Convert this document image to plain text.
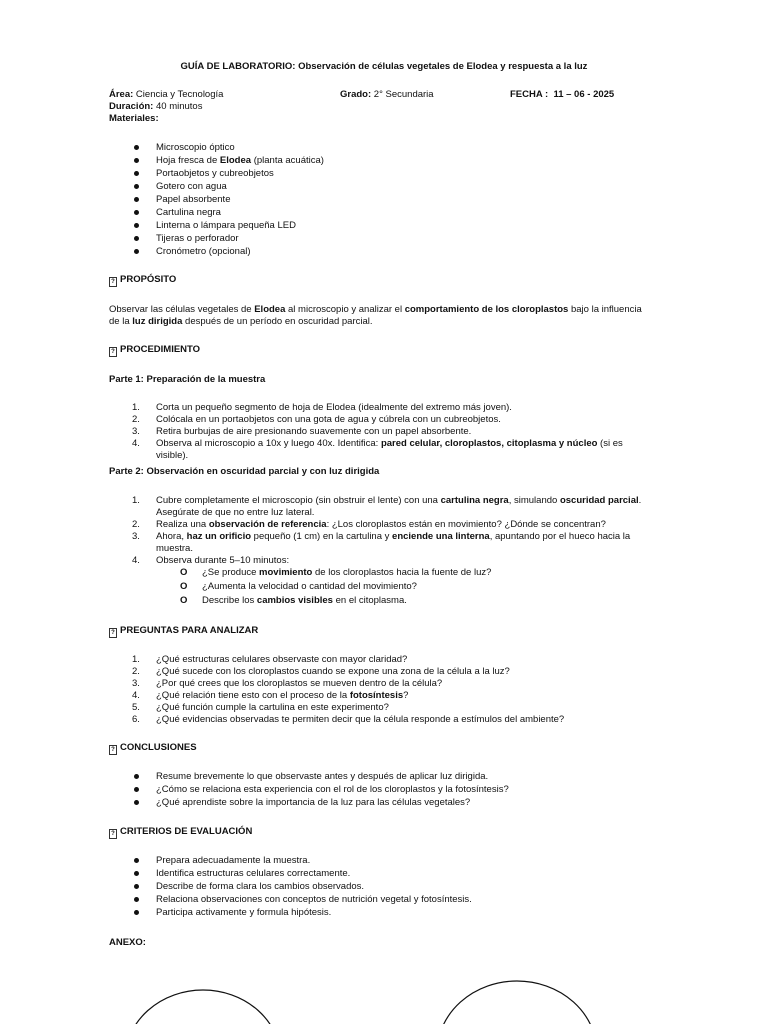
GUÍA DE LABORATORIO: Observación de células vegetales de Elodea y respuesta a la luz
Área: Ciencia y Tecnología	Grado: 2° Secundaria	FECHA :  11 – 06 - 2025
Duración: 40 minutos
Materiales:
Microscopio óptico
Hoja fresca de Elodea (planta acuática)
Portaobjetos y cubreobjetos
Gotero con agua
Papel absorbente
Cartulina negra
Linterna o lámpara pequeña LED
Tijeras o perforador
Cronómetro (opcional)
? PROPÓSITO
Observar las células vegetales de Elodea al microscopio y analizar el comportamiento de los cloroplastos bajo la influencia de la luz dirigida después de un período en oscuridad parcial.
? PROCEDIMIENTO
Parte 1: Preparación de la muestra
1. Corta un pequeño segmento de hoja de Elodea (idealmente del extremo más joven).
2. Colócala en un portaobjetos con una gota de agua y cúbrela con un cubreobjetos.
3. Retira burbujas de aire presionando suavemente con un papel absorbente.
4. Observa al microscopio a 10x y luego 40x. Identifica: pared celular, cloroplastos, citoplasma y núcleo (si es visible).
Parte 2: Observación en oscuridad parcial y con luz dirigida
1. Cubre completamente el microscopio (sin obstruir el lente) con una cartulina negra, simulando oscuridad parcial. Asegúrate de que no entre luz lateral.
2. Realiza una observación de referencia: ¿Los cloroplastos están en movimiento? ¿Dónde se concentran?
3. Ahora, haz un orificio pequeño (1 cm) en la cartulina y enciende una linterna, apuntando por el hueco hacia la muestra.
4. Observa durante 5–10 minutos:
O ¿Se produce movimiento de los cloroplastos hacia la fuente de luz?
O ¿Aumenta la velocidad o cantidad del movimiento?
O Describe los cambios visibles en el citoplasma.
? PREGUNTAS PARA ANALIZAR
1. ¿Qué estructuras celulares observaste con mayor claridad?
2. ¿Qué sucede con los cloroplastos cuando se expone una zona de la célula a la luz?
3. ¿Por qué crees que los cloroplastos se mueven dentro de la célula?
4. ¿Qué relación tiene esto con el proceso de la fotosíntesis?
5. ¿Qué función cumple la cartulina en este experimento?
6. ¿Qué evidencias observadas te permiten decir que la célula responde a estímulos del ambiente?
? CONCLUSIONES
Resume brevemente lo que observaste antes y después de aplicar luz dirigida.
¿Cómo se relaciona esta experiencia con el rol de los cloroplastos y la fotosíntesis?
¿Qué aprendiste sobre la importancia de la luz para las células vegetales?
? CRITERIOS DE EVALUACIÓN
Prepara adecuadamente la muestra.
Identifica estructuras celulares correctamente.
Describe de forma clara los cambios observados.
Relaciona observaciones con conceptos de nutrición vegetal y fotosíntesis.
Participa activamente y formula hipótesis.
ANEXO:
